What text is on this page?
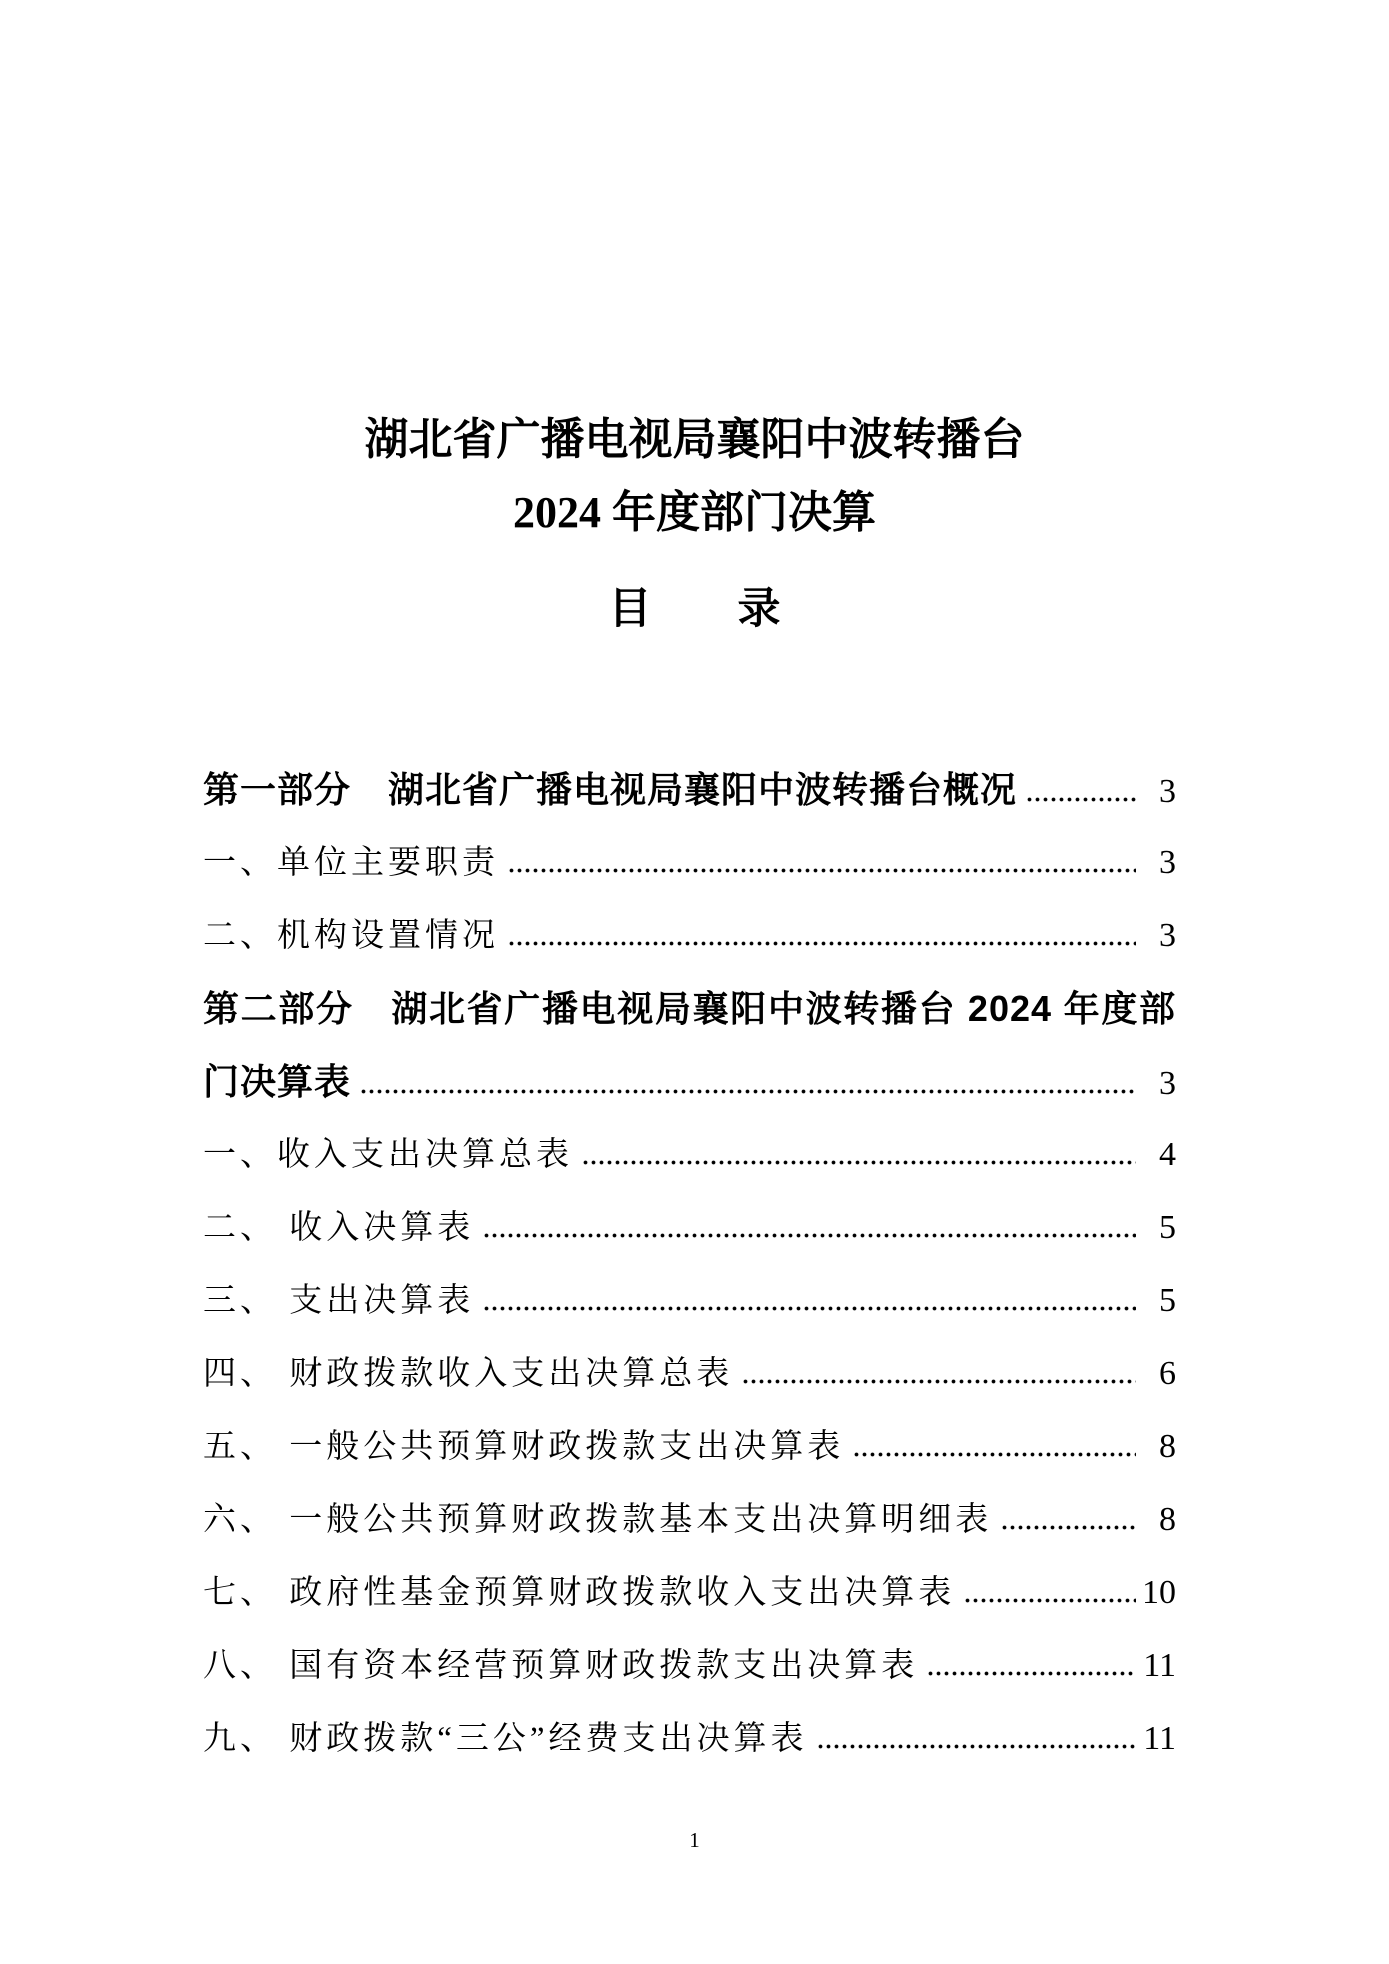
湖北省广播电视局襄阳中波转播台
2024 年度部门决算
目　　录
第一部分　湖北省广播电视局襄阳中波转播台概况	3
一、单位主要职责	3
二、机构设置情况	3
第二部分　湖北省广播电视局襄阳中波转播台 2024 年度部
门决算表	3
一、收入支出决算总表	4
二、 收入决算表	5
三、 支出决算表	5
四、 财政拨款收入支出决算总表	6
五、 一般公共预算财政拨款支出决算表	8
六、 一般公共预算财政拨款基本支出决算明细表	8
七、 政府性基金预算财政拨款收入支出决算表	10
八、 国有资本经营预算财政拨款支出决算表	11
九、 财政拨款“三公”经费支出决算表	11
1
